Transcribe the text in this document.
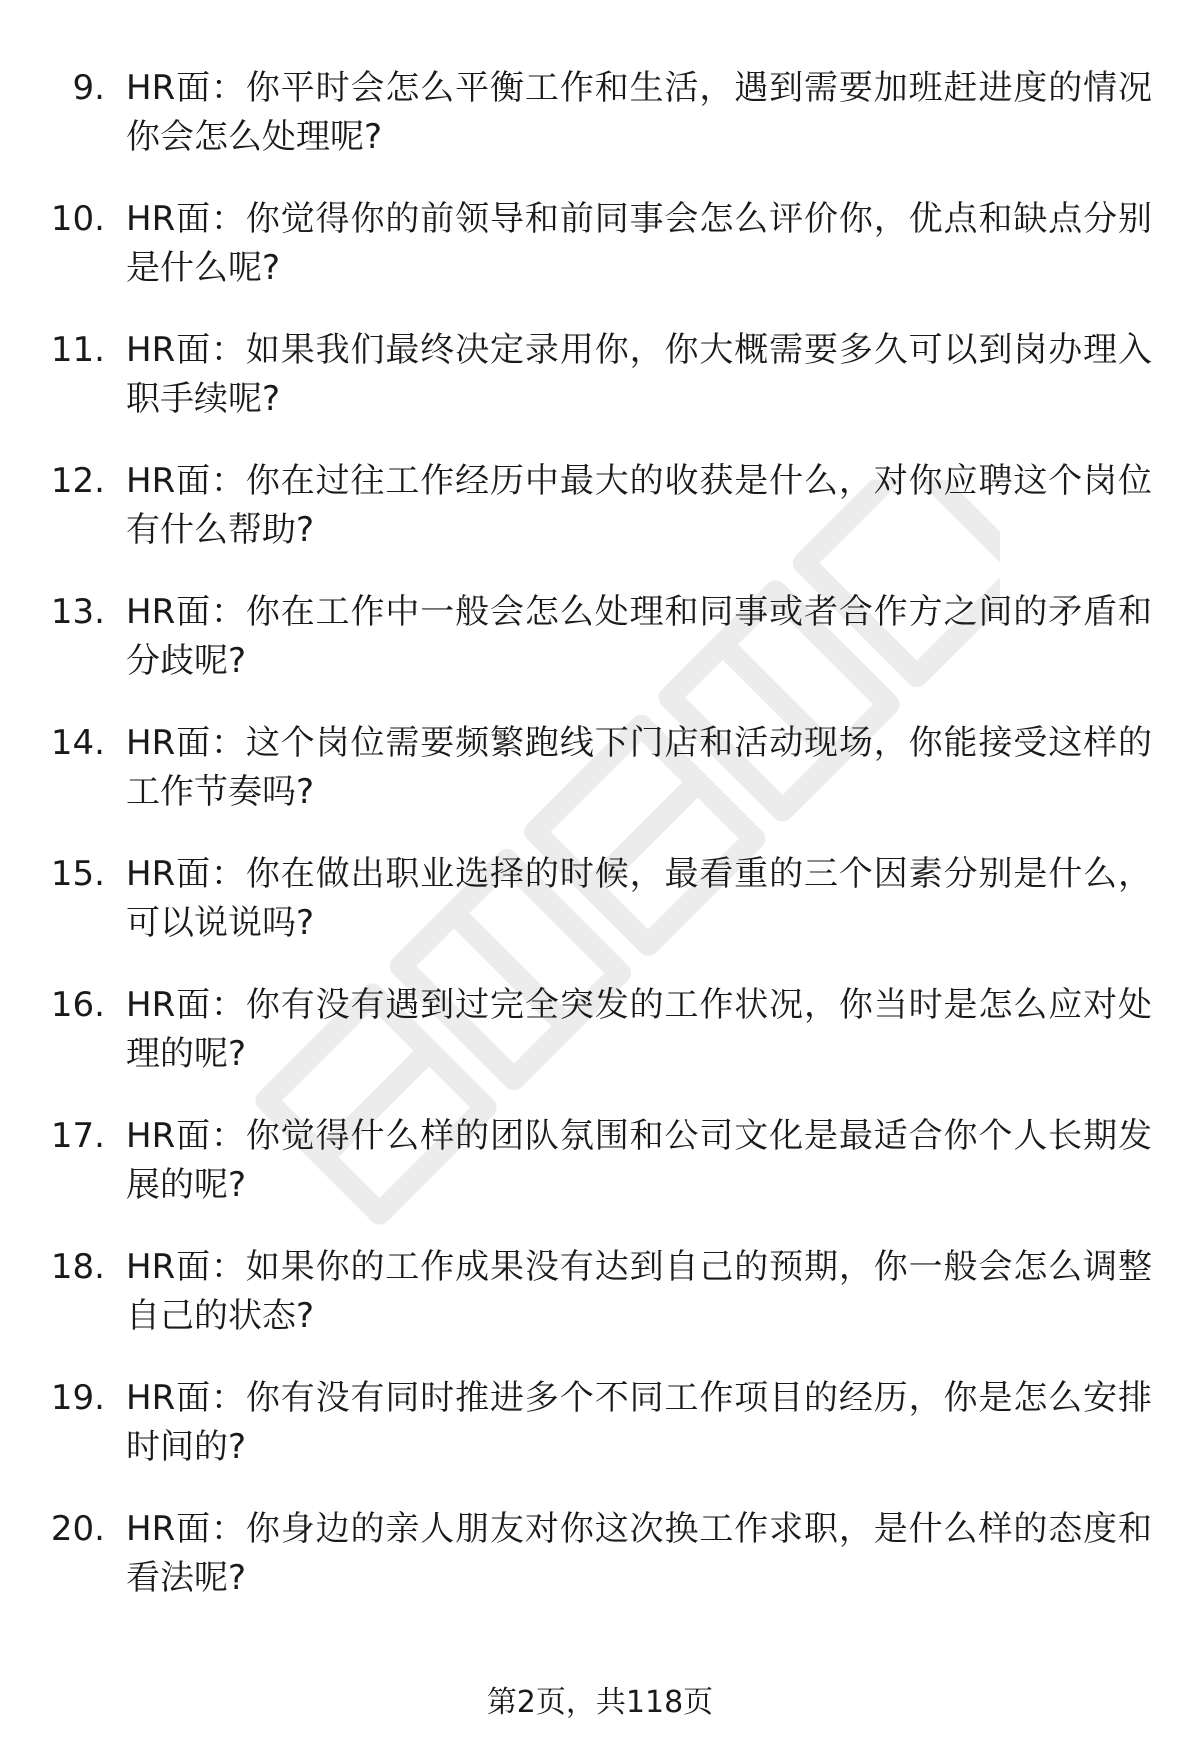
9. HR面：你平时会怎么平衡工作和生活，遇到需要加班赶进度的情况你会怎么处理呢?
10. HR面：你觉得你的前领导和前同事会怎么评价你，优点和缺点分别是什么呢?
11. HR面：如果我们最终决定录用你，你大概需要多久可以到岗办理入职手续呢?
12. HR面：你在过往工作经历中最大的收获是什么，对你应聘这个岗位有什么帮助?
13. HR面：你在工作中一般会怎么处理和同事或者合作方之间的矛盾和分歧呢?
14. HR面：这个岗位需要频繁跑线下门店和活动现场，你能接受这样的工作节奏吗?
15. HR面：你在做出职业选择的时候，最看重的三个因素分别是什么，可以说说吗?
16. HR面：你有没有遇到过完全突发的工作状况，你当时是怎么应对处理的呢?
17. HR面：你觉得什么样的团队氛围和公司文化是最适合你个人长期发展的呢?
18. HR面：如果你的工作成果没有达到自己的预期，你一般会怎么调整自己的状态?
19. HR面：你有没有同时推进多个不同工作项目的经历，你是怎么安排时间的?
20. HR面：你身边的亲人朋友对你这次换工作求职，是什么样的态度和看法呢?
第2页，共118页
